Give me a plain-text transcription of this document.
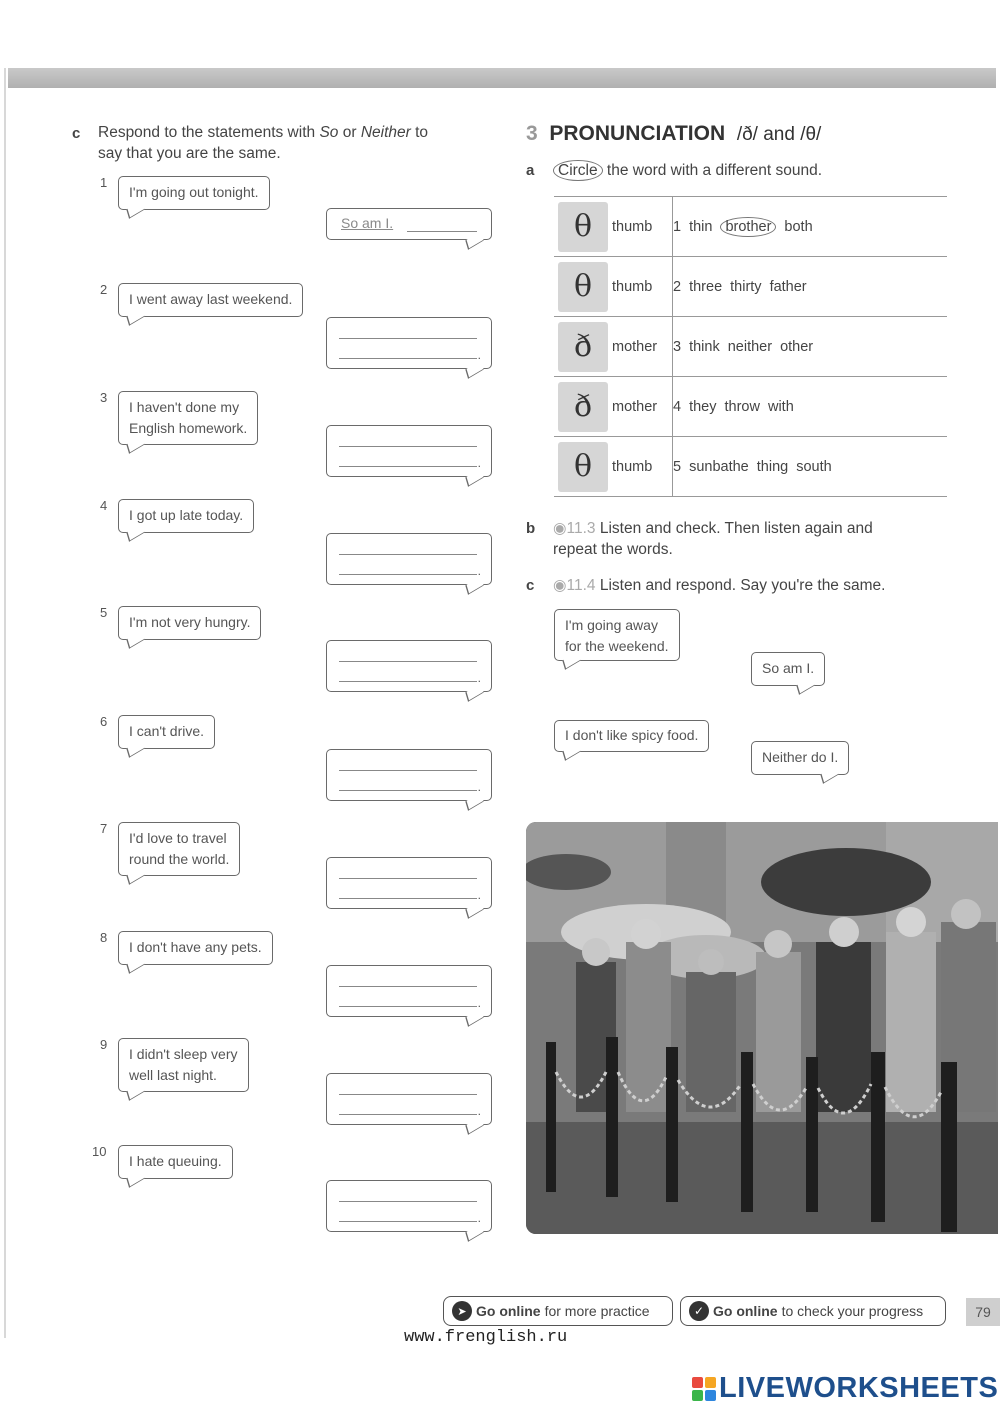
c Respond to the statements with So or Neither to
say that you are the same.
1
I'm going out tonight.
So am I.
2
I went away last weekend.
.
3
I haven't done my
English homework.
.
4
I got up late today.
.
5
I'm not very hungry.
.
6
I can't drive.
.
7
I'd love to travel
round the world.
.
8
I don't have any pets.
.
9
I didn't sleep very
well last night.
.
10
I hate queuing.
.
3 PRONUNCIATION /ð/ and /θ/
a	Circle the word with a different sound.
θ thumb	1 thin brother both

θ thumb	2 three thirty father

ð mother	3 think neither other

ð mother	4 they throw with

θ thumb	5 sunbathe thing south
b ◉11.3 Listen and check. Then listen again and
repeat the words.
c ◉11.4 Listen and respond. Say you're the same.
I'm going away
for the weekend.
So am I.
I don't like spicy food.
Neither do I.
➤ Go online for more practice	✓ Go online to check your progress	79
www.frenglish.ru
LIVEWORKSHEETS
